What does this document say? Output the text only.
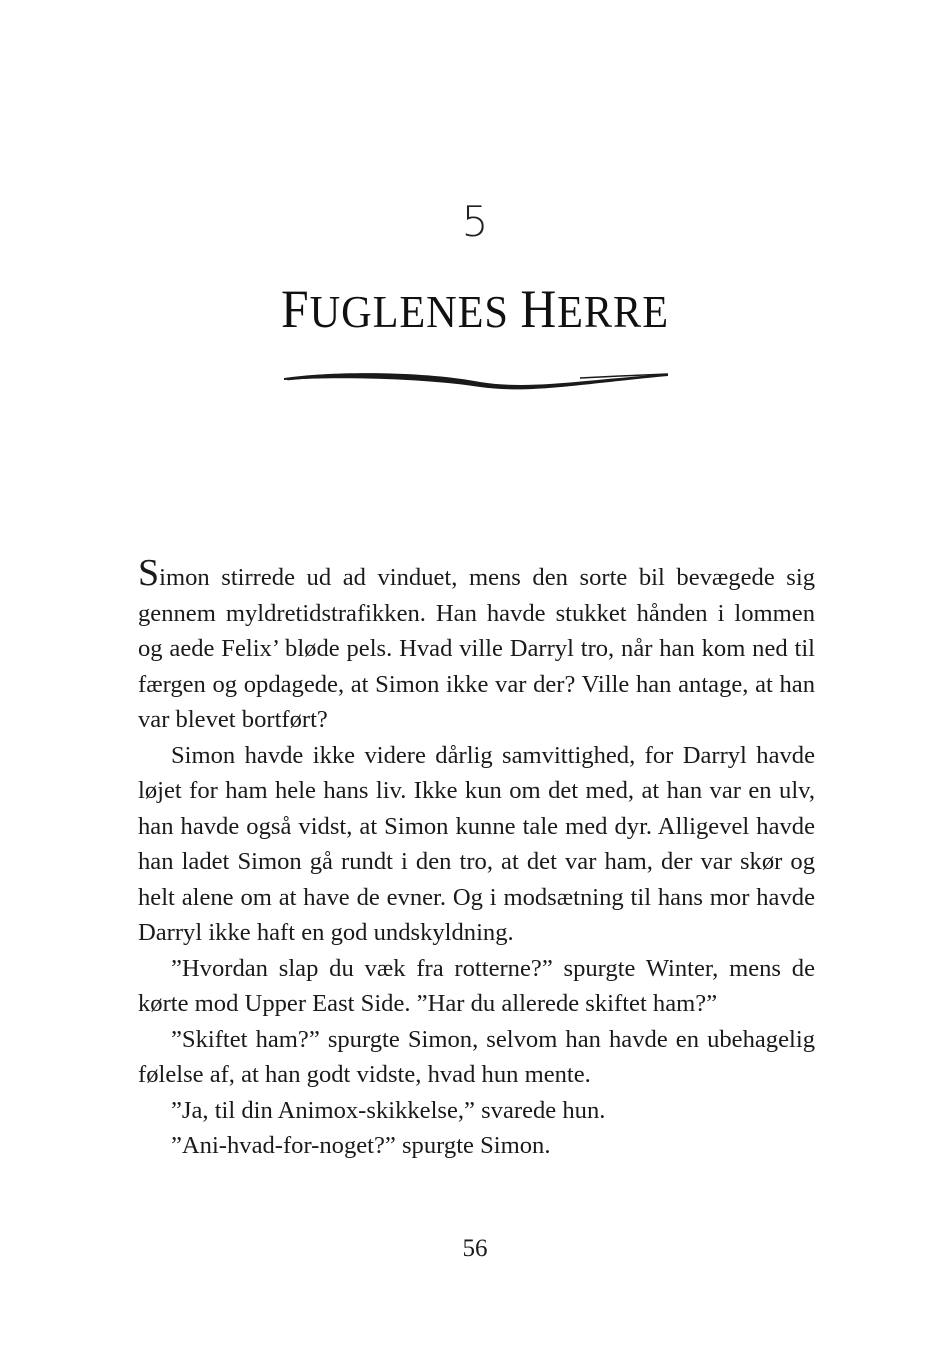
5
FUGLENES HERRE

Simon stirrede ud ad vinduet, mens den sorte bil bevægede sig gennem myldretidstrafikken. Han havde stukket hånden i lommen og aede Felix’ bløde pels. Hvad ville Darryl tro, når han kom ned til færgen og opdagede, at Simon ikke var der? Ville han antage, at han var blevet bortført?

Simon havde ikke videre dårlig samvittighed, for Darryl havde løjet for ham hele hans liv. Ikke kun om det med, at han var en ulv, han havde også vidst, at Simon kunne tale med dyr. Alligevel havde han ladet Simon gå rundt i den tro, at det var ham, der var skør og helt alene om at have de evner. Og i modsætning til hans mor havde Darryl ikke haft en god undskyldning.

”Hvordan slap du væk fra rotterne?” spurgte Winter, mens de kørte mod Upper East Side. ”Har du allerede skiftet ham?”

”Skiftet ham?” spurgte Simon, selvom han havde en ubehagelig følelse af, at han godt vidste, hvad hun mente.

”Ja, til din Animox-skikkelse,” svarede hun.

”Ani-hvad-for-noget?” spurgte Simon.

56
